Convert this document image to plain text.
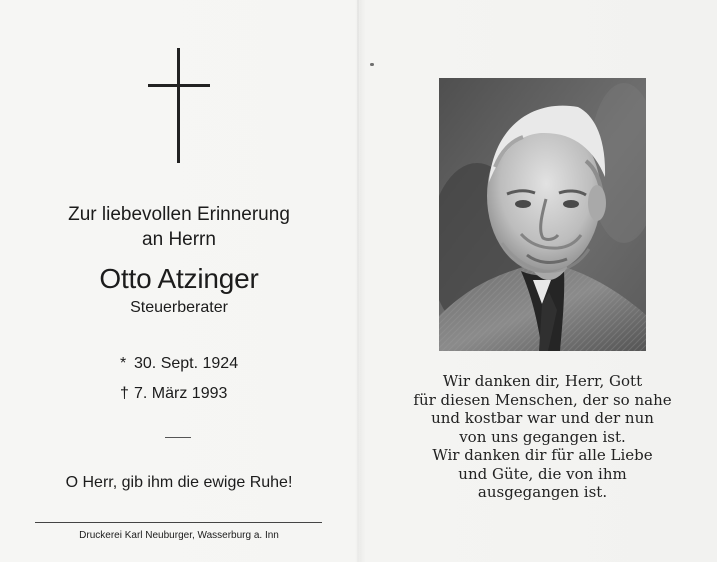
Zur liebevollen Erinnerung
an Herrn
Otto Atzinger
Steuerberater
* 30. Sept. 1924
† 7. März 1993
O Herr, gib ihm die ewige Ruhe!
Druckerei Karl Neuburger, Wasserburg a. Inn
Wir danken dir, Herr, Gott
für diesen Menschen, der so nahe
und kostbar war und der nun
von uns gegangen ist.
Wir danken dir für alle Liebe
und Güte, die von ihm
ausgegangen ist.
